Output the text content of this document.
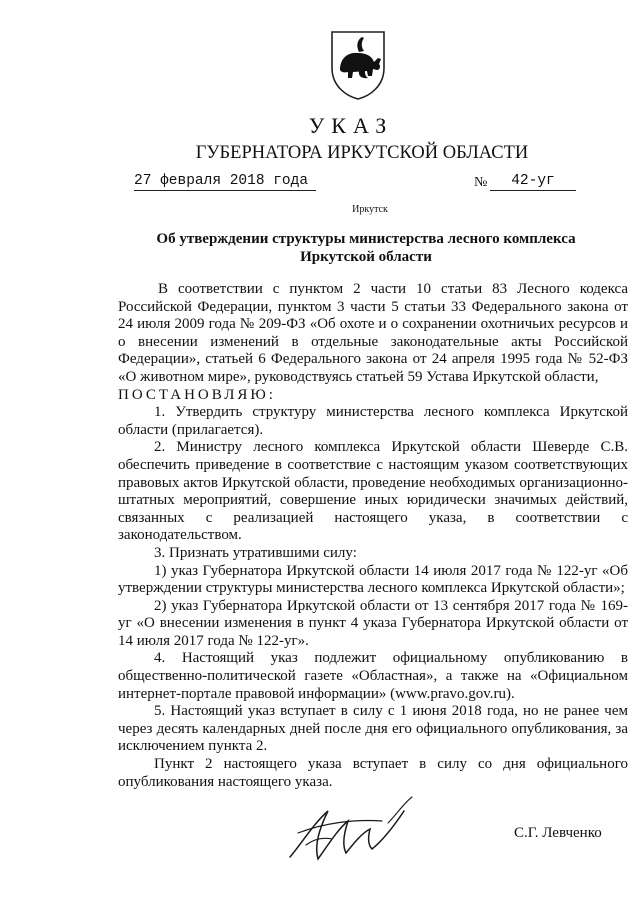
УКАЗ
ГУБЕРНАТОРА ИРКУТСКОЙ ОБЛАСТИ
27 февраля 2018 года	№	42-уг
Иркутск
Об утверждении структуры министерства лесного комплекса
Иркутской области

В соответствии с пунктом 2 части 10 статьи 83 Лесного кодекса Российской Федерации, пунктом 3 части 5 статьи 33 Федерального закона от 24 июля 2009 года № 209-ФЗ «Об охоте и о сохранении охотничьих ресурсов и о внесении изменений в отдельные законодательные акты Российской Федерации», статьей 6 Федерального закона от 24 апреля 1995 года № 52-ФЗ «О животном мире», руководствуясь статьей 59 Устава Иркутской области,

ПОСТАНОВЛЯЮ:

1. Утвердить структуру министерства лесного комплекса Иркутской области (прилагается).

2. Министру лесного комплекса Иркутской области Шеверде С.В. обеспечить приведение в соответствие с настоящим указом соответствующих правовых актов Иркутской области, проведение необходимых организационно-штатных мероприятий, совершение иных юридически значимых действий, связанных с реализацией настоящего указа, в соответствии с законодательством.

3. Признать утратившими силу:

1) указ Губернатора Иркутской области 14 июля 2017 года № 122-уг «Об утверждении структуры министерства лесного комплекса Иркутской области»;

2) указ Губернатора Иркутской области от 13 сентября 2017 года № 169-уг «О внесении изменения в пункт 4 указа Губернатора Иркутской области от 14 июля 2017 года № 122-уг».

4. Настоящий указ подлежит официальному опубликованию в общественно-политической газете «Областная», а также на «Официальном интернет-портале правовой информации» (www.pravo.gov.ru).

5. Настоящий указ вступает в силу с 1 июня 2018 года, но не ранее чем через десять календарных дней после дня его официального опубликования, за исключением пункта 2.

Пункт 2 настоящего указа вступает в силу со дня официального опубликования настоящего указа.

С.Г. Левченко
